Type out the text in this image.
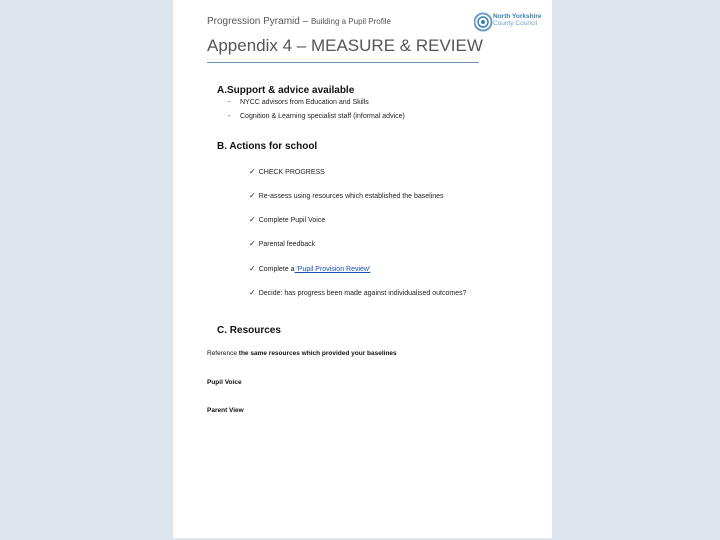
Progression Pyramid – Building a Pupil Profile
North Yorkshire
County Council
Appendix 4 – MEASURE & REVIEW
A.Support & advice available
- NYCC advisors from Education and Skills
- Cognition & Learning specialist staff (informal advice)
B. Actions for school
✓ CHECK PROGRESS
✓ Re-assess using resources which established the baselines
✓ Complete Pupil Voice
✓ Parental feedback
✓ Complete a 'Pupil Provision Review'
✓ Decide: has progress been made against individualised outcomes?
C. Resources
Reference the same resources which provided your baselines
Pupil Voice
Parent View
